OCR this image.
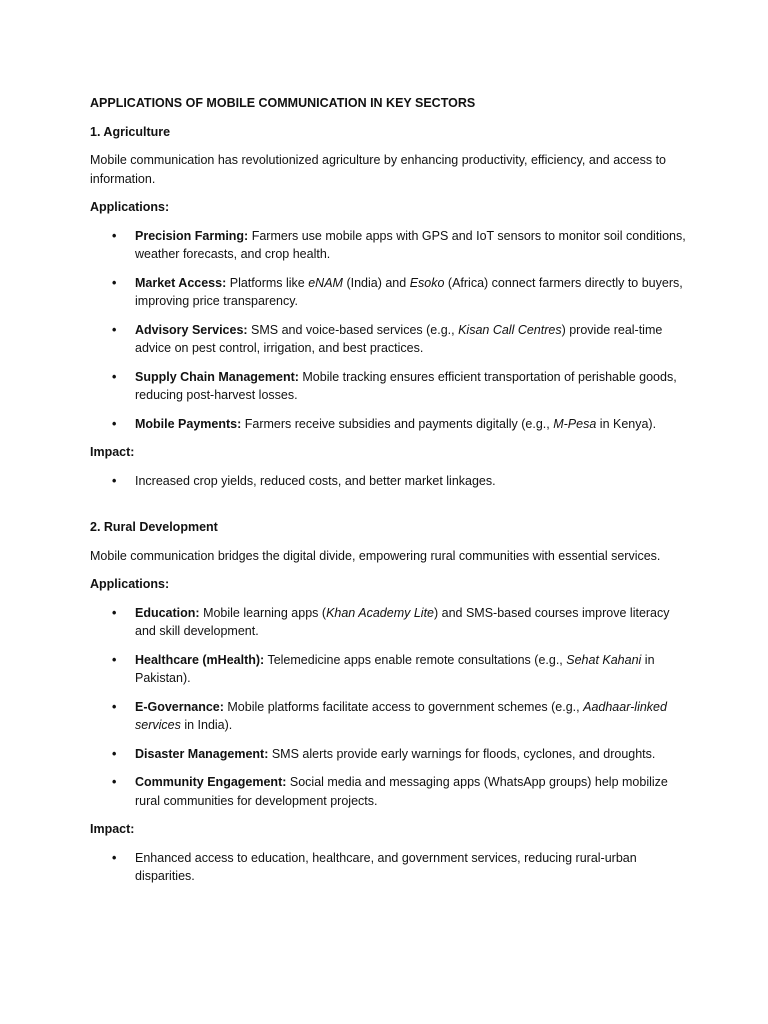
APPLICATIONS OF MOBILE COMMUNICATION IN KEY SECTORS
1. Agriculture
Mobile communication has revolutionized agriculture by enhancing productivity, efficiency, and access to information.
Applications:
• Precision Farming: Farmers use mobile apps with GPS and IoT sensors to monitor soil conditions, weather forecasts, and crop health.
• Market Access: Platforms like eNAM (India) and Esoko (Africa) connect farmers directly to buyers, improving price transparency.
• Advisory Services: SMS and voice-based services (e.g., Kisan Call Centres) provide real-time advice on pest control, irrigation, and best practices.
• Supply Chain Management: Mobile tracking ensures efficient transportation of perishable goods, reducing post-harvest losses.
• Mobile Payments: Farmers receive subsidies and payments digitally (e.g., M-Pesa in Kenya).
Impact:
• Increased crop yields, reduced costs, and better market linkages.
2. Rural Development
Mobile communication bridges the digital divide, empowering rural communities with essential services.
Applications:
• Education: Mobile learning apps (Khan Academy Lite) and SMS-based courses improve literacy and skill development.
• Healthcare (mHealth): Telemedicine apps enable remote consultations (e.g., Sehat Kahani in Pakistan).
• E-Governance: Mobile platforms facilitate access to government schemes (e.g., Aadhaar-linked services in India).
• Disaster Management: SMS alerts provide early warnings for floods, cyclones, and droughts.
• Community Engagement: Social media and messaging apps (WhatsApp groups) help mobilize rural communities for development projects.
Impact:
• Enhanced access to education, healthcare, and government services, reducing rural-urban disparities.
